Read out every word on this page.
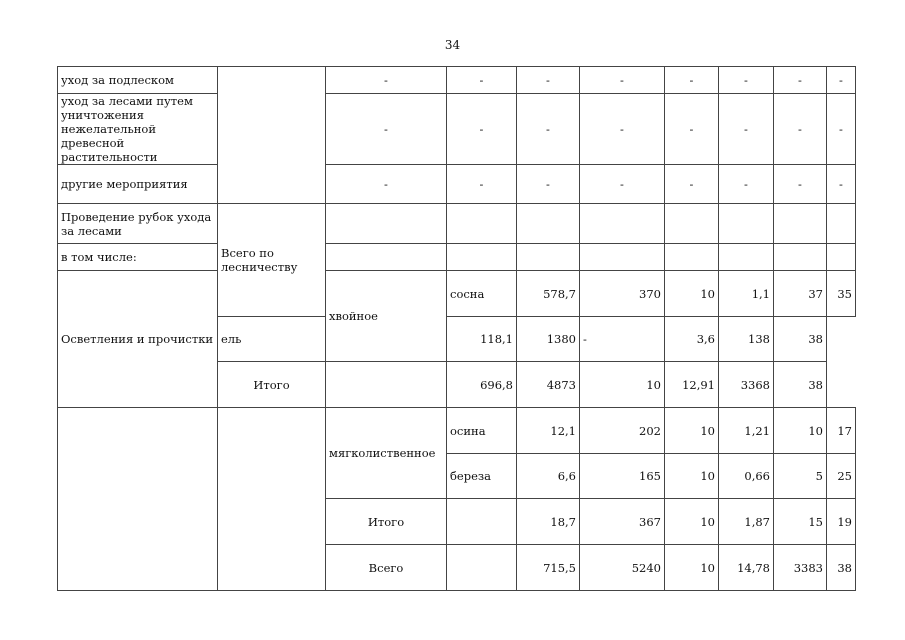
34
уход за подлеском		-	-	-	-	-	-	-	-
уход за лесами путем уничтожения нежелательной древесной растительности		-	-	-	-	-	-	-	-
другие мероприятия		-	-	-	-	-	-	-	-
Проведение рубок ухода за лесами	Всего по лесничеству								
в том числе:									
Осветления и прочистки		хвойное	сосна	578,7	370	10	1,1	37	35
	ель		118,1	1380	-	3,6	138	38	
	Итого		696,8	4873	10	12,91	3368	38	
		мягколиственное	осина	12,1	202	10	1,21	10	17
			береза	6,6	165	10	0,66	5	25
		Итого		18,7	367	10	1,87	15	19
		Всего		715,5	5240	10	14,78	3383	38
